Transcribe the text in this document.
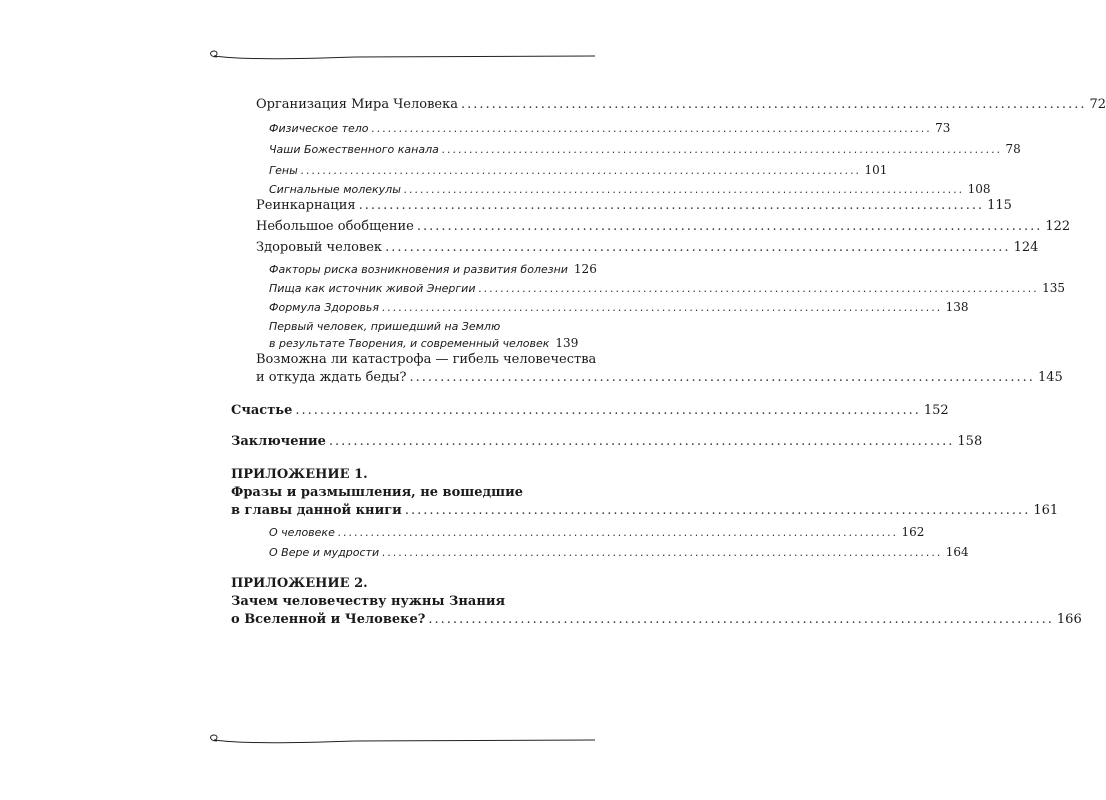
Организация Мира Человека ...................................................................................................... 72
Физическое тело ...................................................................................................... 73
Чаши Божественного канала ...................................................................................................... 78
Гены ...................................................................................................... 101
Сигнальные молекулы ...................................................................................................... 108
Реинкарнация ...................................................................................................... 115
Небольшое обобщение ...................................................................................................... 122
Здоровый человек ...................................................................................................... 124
Факторы риска возникновения и развития болезни 126
Пища как источник живой Энергии ...................................................................................................... 135
Формула Здоровья ...................................................................................................... 138
Первый человек, пришедший на Землю
в результате Творения, и современный человек 139
Возможна ли катастрофа — гибель человечества
и откуда ждать беды? ...................................................................................................... 145
Счастье ...................................................................................................... 152
Заключение ...................................................................................................... 158
ПРИЛОЖЕНИЕ 1.
Фразы и размышления, не вошедшие
в главы данной книги ...................................................................................................... 161
О человеке ...................................................................................................... 162
О Вере и мудрости ...................................................................................................... 164
ПРИЛОЖЕНИЕ 2.
Зачем человечеству нужны Знания
о Вселенной и Человеке? ...................................................................................................... 166
